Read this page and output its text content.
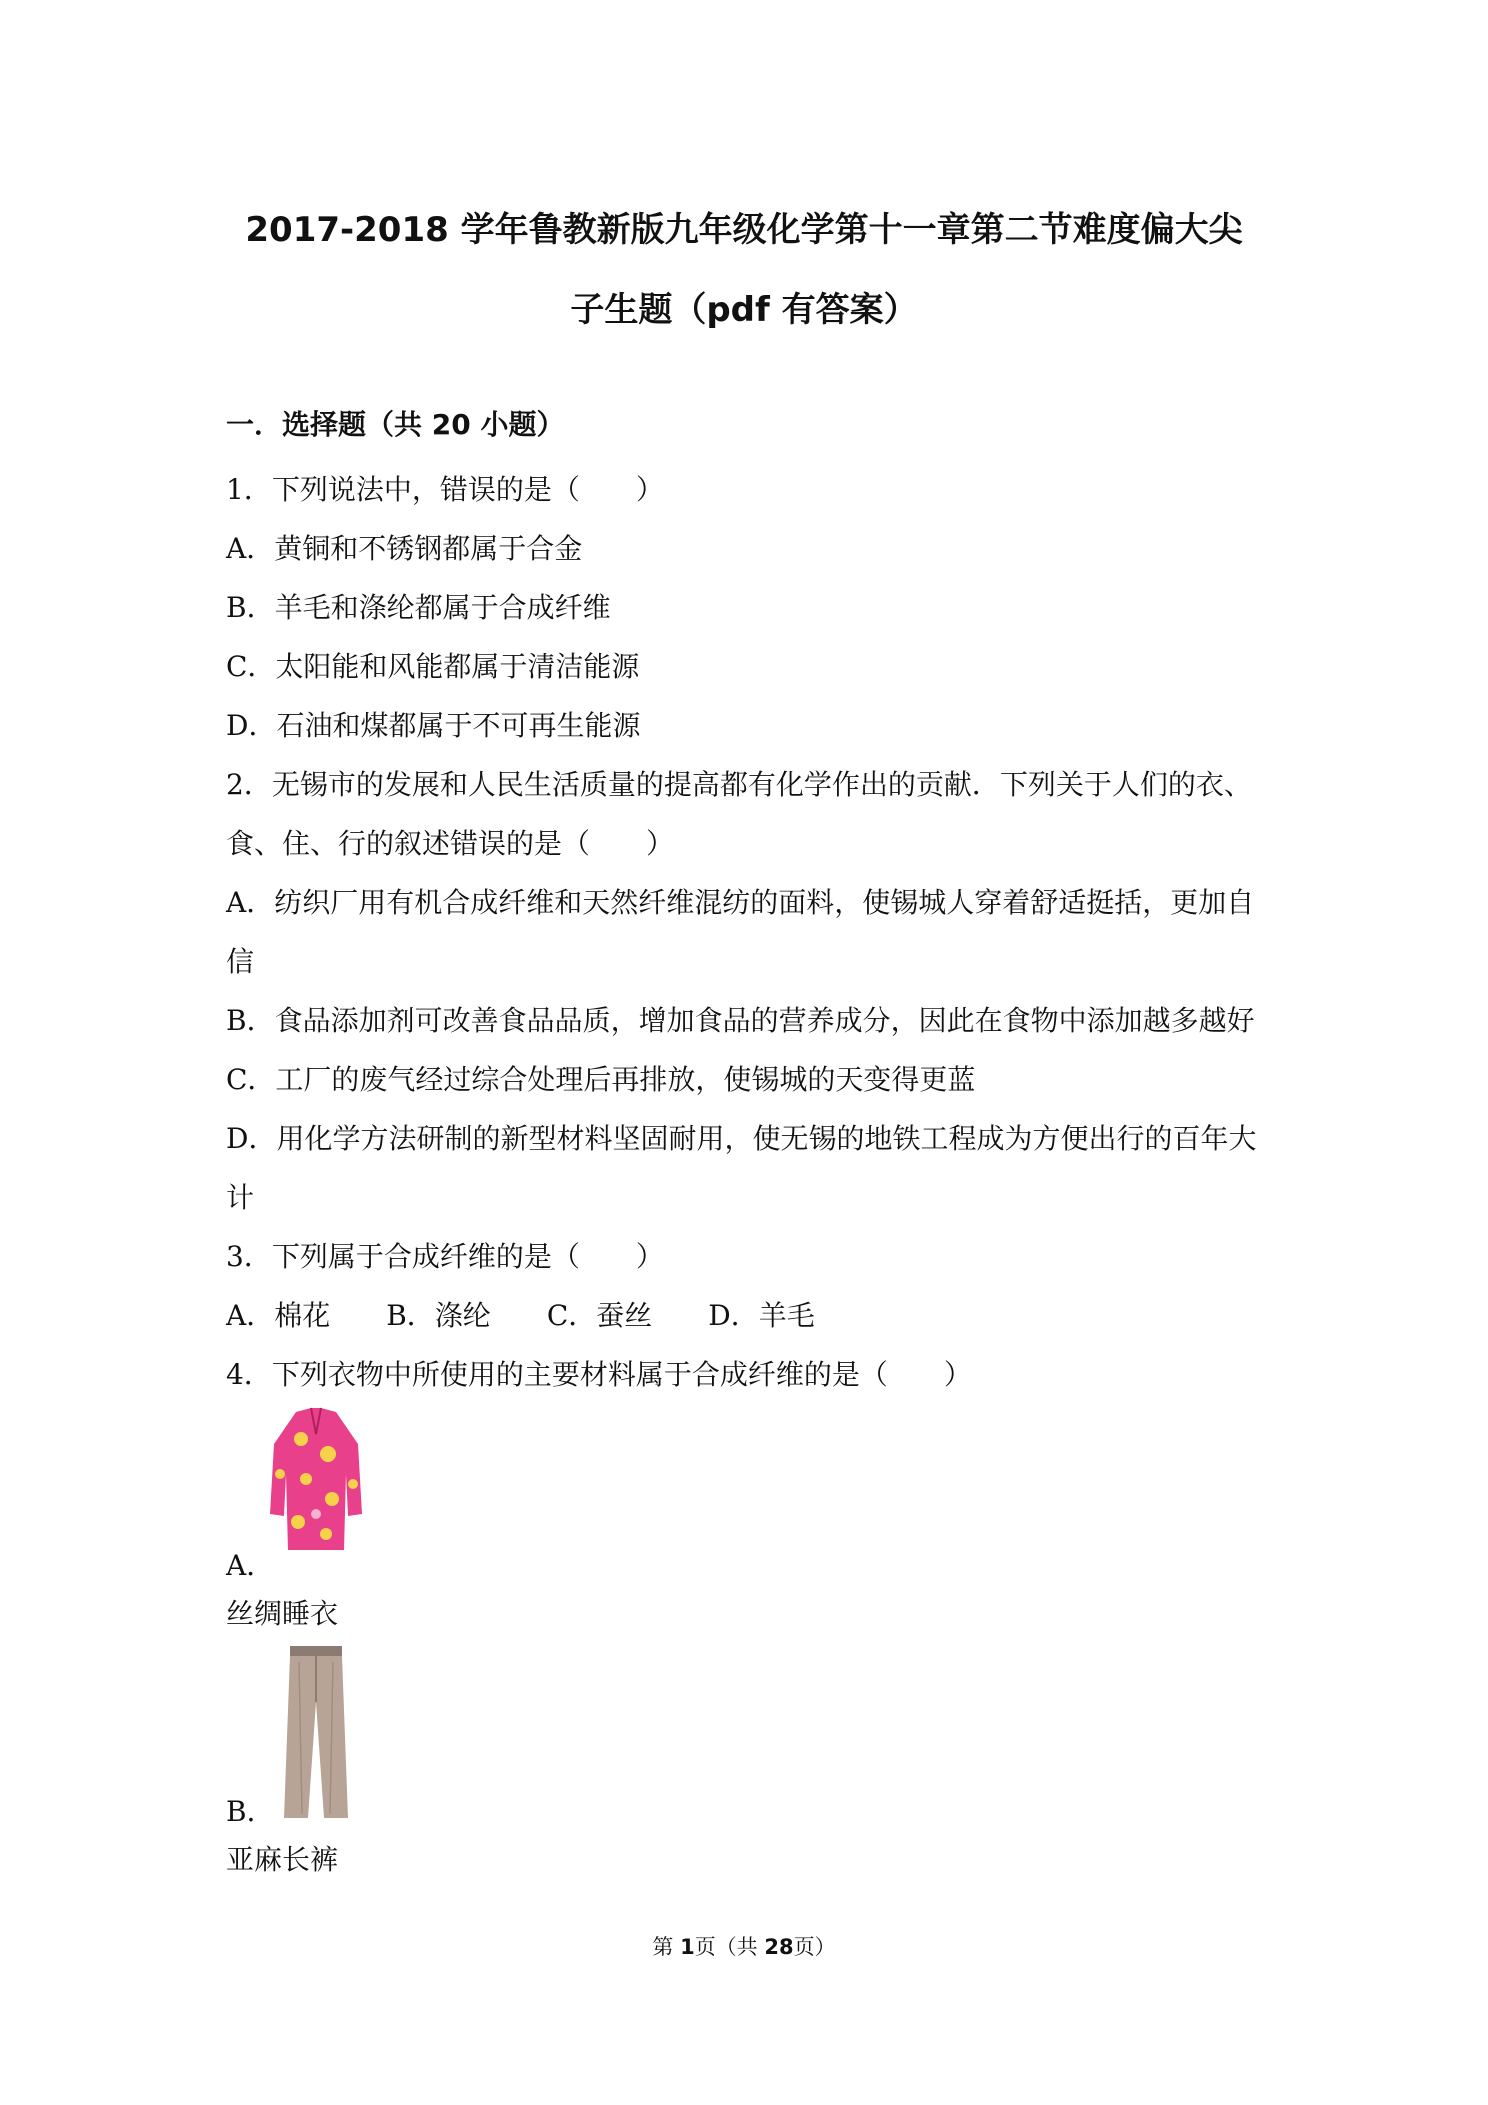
2017-2018 学年鲁教新版九年级化学第十一章第二节难度偏大尖
子生题（pdf 有答案）
一．选择题（共 20 小题）
1．下列说法中，错误的是（　　）
A．黄铜和不锈钢都属于合金
B．羊毛和涤纶都属于合成纤维
C．太阳能和风能都属于清洁能源
D．石油和煤都属于不可再生能源
2．无锡市的发展和人民生活质量的提高都有化学作出的贡献．下列关于人们的衣、食、住、行的叙述错误的是（　　）
A．纺织厂用有机合成纤维和天然纤维混纺的面料，使锡城人穿着舒适挺括，更加自信
B．食品添加剂可改善食品品质，增加食品的营养成分，因此在食物中添加越多越好
C．工厂的废气经过综合处理后再排放，使锡城的天变得更蓝
D．用化学方法研制的新型材料坚固耐用，使无锡的地铁工程成为方便出行的百年大计
3．下列属于合成纤维的是（　　）
A．棉花 B．涤纶 C．蚕丝 D．羊毛
4．下列衣物中所使用的主要材料属于合成纤维的是（　　）
A．
丝绸睡衣
B．
亚麻长裤
第 1页（共 28页）
